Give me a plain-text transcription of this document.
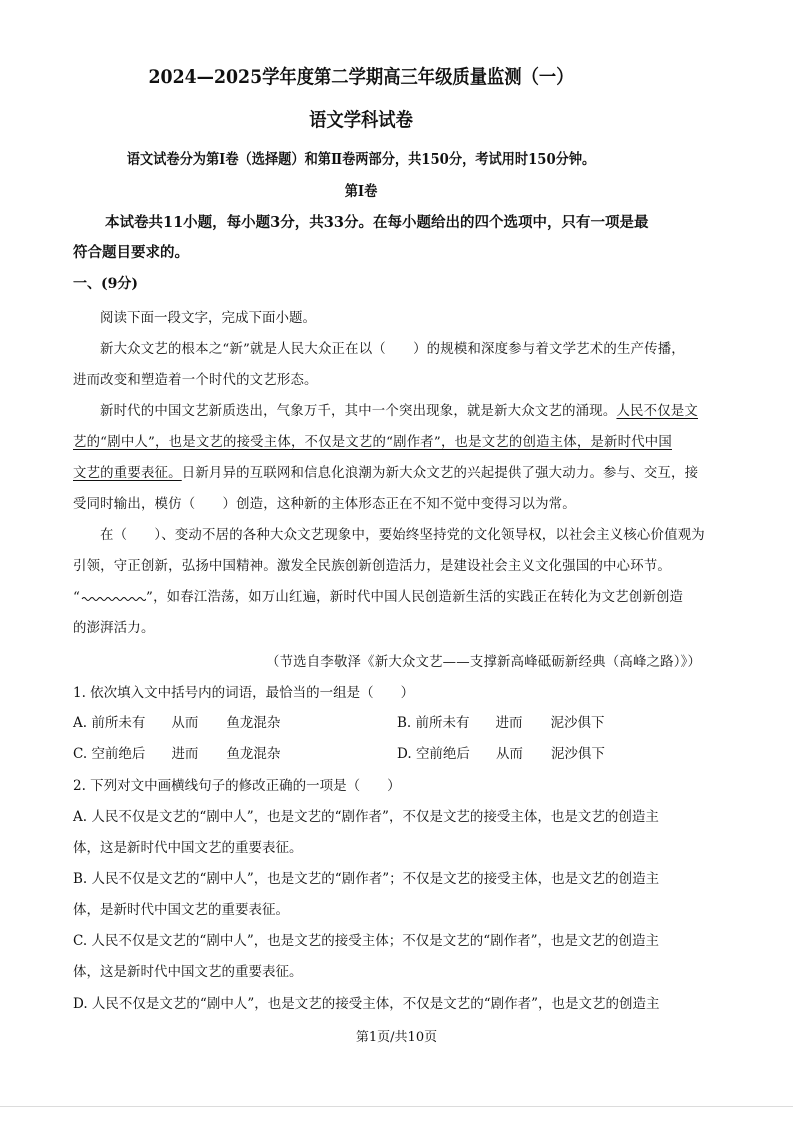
2024—2025学年度第二学期高三年级质量监测（一）
语文学科试卷
语文试卷分为第Ⅰ卷（选择题）和第Ⅱ卷两部分，共150分，考试用时150分钟。
第Ⅰ卷
本试卷共11小题，每小题3分，共33分。在每小题给出的四个选项中，只有一项是最
符合题目要求的。
一、(9分)
阅读下面一段文字，完成下面小题。
新大众文艺的根本之“新”就是人民大众正在以（　　）的规模和深度参与着文学艺术的生产传播，
进而改变和塑造着一个时代的文艺形态。
新时代的中国文艺新质迭出，气象万千，其中一个突出现象，就是新大众文艺的涌现。人民不仅是文
艺的“剧中人”，也是文艺的接受主体，不仅是文艺的“剧作者”，也是文艺的创造主体，是新时代中国
文艺的重要表征。日新月异的互联网和信息化浪潮为新大众文艺的兴起提供了强大动力。参与、交互，接
受同时输出，模仿（　　）创造，这种新的主体形态正在不知不觉中变得习以为常。
在（　　）、变动不居的各种大众文艺现象中，要始终坚持党的文化领导权，以社会主义核心价值观为
引领，守正创新，弘扬中国精神。激发全民族创新创造活力，是建设社会主义文化强国的中心环节。
“	”，如春江浩荡，如万山红遍，新时代中国人民创造新生活的实践正在转化为文艺创新创造
的澎湃活力。
（节选自李敬泽《新大众文艺——支撑新高峰砥砺新经典（高峰之路）》）
1. 依次填入文中括号内的词语，最恰当的一组是（　　）
A. 前所未有 从而 鱼龙混杂	B. 前所未有 进而 泥沙俱下
C. 空前绝后 进而 鱼龙混杂	D. 空前绝后 从而 泥沙俱下
2. 下列对文中画横线句子的修改正确的一项是（　　）
A. 人民不仅是文艺的“剧中人”，也是文艺的“剧作者”，不仅是文艺的接受主体，也是文艺的创造主
体，这是新时代中国文艺的重要表征。
B. 人民不仅是文艺的“剧中人”，也是文艺的“剧作者”；不仅是文艺的接受主体，也是文艺的创造主
体，是新时代中国文艺的重要表征。
C. 人民不仅是文艺的“剧中人”，也是文艺的接受主体；不仅是文艺的“剧作者”，也是文艺的创造主
体，这是新时代中国文艺的重要表征。
D. 人民不仅是文艺的“剧中人”，也是文艺的接受主体，不仅是文艺的“剧作者”，也是文艺的创造主
第1页/共10页
